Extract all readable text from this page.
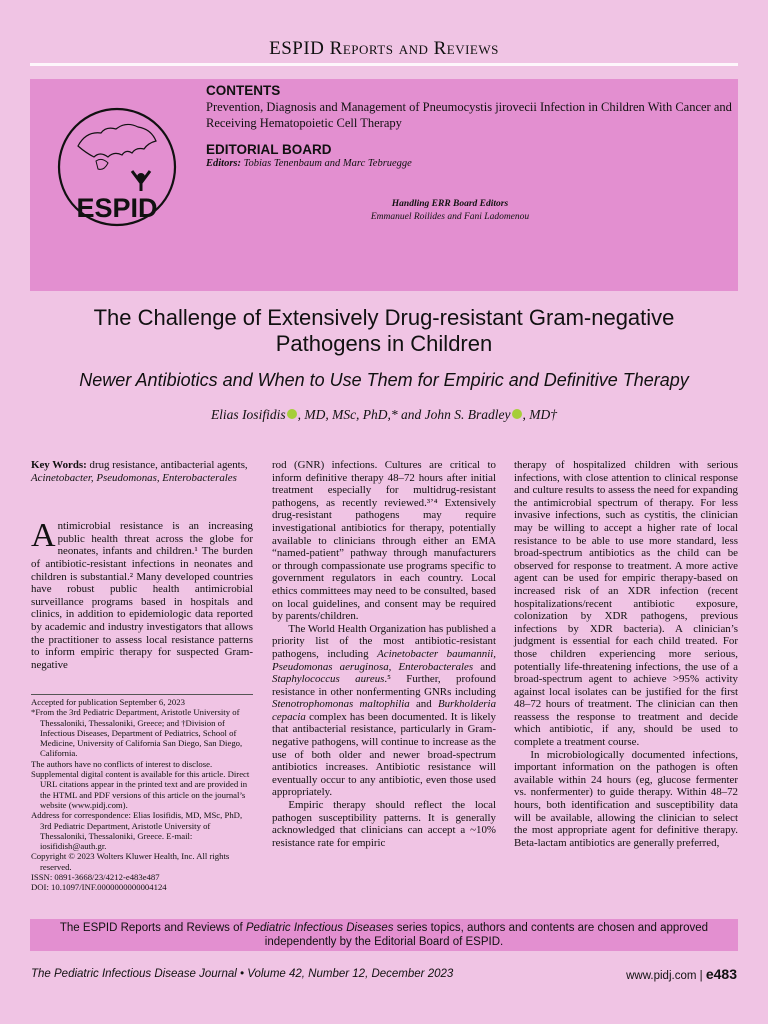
ESPID Reports and Reviews
ESPID
CONTENTS
Prevention, Diagnosis and Management of Pneumocystis jirovecii Infection in Children With Cancer and Receiving Hematopoietic Cell Therapy
EDITORIAL BOARD
Editors: Tobias Tenenbaum and Marc Tebruegge
Handling ERR Board Editors
Emmanuel Roilides and Fani Ladomenou
The Challenge of Extensively Drug-resistant Gram-negative Pathogens in Children
Newer Antibiotics and When to Use Them for Empiric and Definitive Therapy
Elias Iosifidis , MD, MSc, PhD,* and John S. Bradley , MD†

Key Words: drug resistance, antibacterial agents, Acinetobacter, Pseudomonas, Enterobacterales

Antimicrobial resistance is an increasing public health threat across the globe for neonates, infants and children.¹ The burden of antibiotic-resistant infections in neonates and children is substantial.² Many developed countries have robust public health antimicrobial surveillance programs based in hospitals and clinics, in addition to epidemiologic data reported by academic and industry investigators that allows the practitioner to assess local resistance patterns to inform empiric therapy for suspected Gram-negative

Accepted for publication September 6, 2023

*From the 3rd Pediatric Department, Aristotle University of Thessaloniki, Thessaloniki, Greece; and †Division of Infectious Diseases, Department of Pediatrics, School of Medicine, University of California San Diego, San Diego, California.

The authors have no conflicts of interest to disclose.

Supplemental digital content is available for this article. Direct URL citations appear in the printed text and are provided in the HTML and PDF versions of this article on the journal’s website (www.pidj.com).

Address for correspondence: Elias Iosifidis, MD, MSc, PhD, 3rd Pediatric Department, Aristotle University of Thessaloniki, Thessaloniki, Greece. E-mail: iosifidish@auth.gr.

Copyright © 2023 Wolters Kluwer Health, Inc. All rights reserved.

ISSN: 0891-3668/23/4212-e483e487

DOI: 10.1097/INF.0000000000004124

rod (GNR) infections. Cultures are critical to inform definitive therapy 48–72 hours after initial treatment especially for multidrug-resistant pathogens, as recently reviewed.³ʼ⁴ Extensively drug-resistant pathogens may require investigational antibiotics for therapy, potentially available to clinicians through either an EMA “named-patient” pathway through manufacturers or through compassionate use programs specific to government regulators in each country. Local ethics committees may need to be consulted, based on local guidelines, and consent may be required by parents/children.

The World Health Organization has published a priority list of the most antibiotic-resistant pathogens, including Acinetobacter baumannii, Pseudomonas aeruginosa, Enterobacterales and Staphylococcus aureus.⁵ Further, profound resistance in other nonfermenting GNRs including Stenotrophomonas maltophilia and Burkholderia cepacia complex has been documented. It is likely that antibacterial resistance, particularly in Gram-negative pathogens, will continue to increase as the use of both older and newer broad-spectrum antibiotics increases. Antibiotic resistance will eventually occur to any antibiotic, even those used appropriately.

Empiric therapy should reflect the local pathogen susceptibility patterns. It is generally acknowledged that clinicians can accept a ~10% resistance rate for empiric

therapy of hospitalized children with serious infections, with close attention to clinical response and culture results to assess the need for expanding the antimicrobial spectrum of therapy. For less invasive infections, such as cystitis, the clinician may be willing to accept a higher rate of local resistance to be able to use more standard, less broad-spectrum antibiotics as the child can be observed for response to treatment. A more active agent can be used for empiric therapy-based on increased risk of an XDR infection (recent hospitalizations/recent antibiotic exposure, colonization by XDR pathogens, previous infections by XDR bacteria). A clinician’s judgment is essential for each child treated. For those children experiencing more serious, potentially life-threatening infections, the use of a broad-spectrum agent to achieve >95% activity against local isolates can be justified for the first 48–72 hours of treatment. The clinician can then reassess the response to treatment and decide which antibiotic, if any, should be used to complete a treatment course.

In microbiologically documented infections, important information on the pathogen is often available within 24 hours (eg, glucose fermenter vs. nonfermenter) to guide therapy. Within 48–72 hours, both identification and susceptibility data will be available, allowing the clinician to select the most appropriate agent for definitive therapy. Beta-lactam antibiotics are generally preferred,

The ESPID Reports and Reviews of Pediatric Infectious Diseases series topics, authors and contents are chosen and approved independently by the Editorial Board of ESPID.
The Pediatric Infectious Disease Journal • Volume 42, Number 12, December 2023	www.pidj.com | e483
